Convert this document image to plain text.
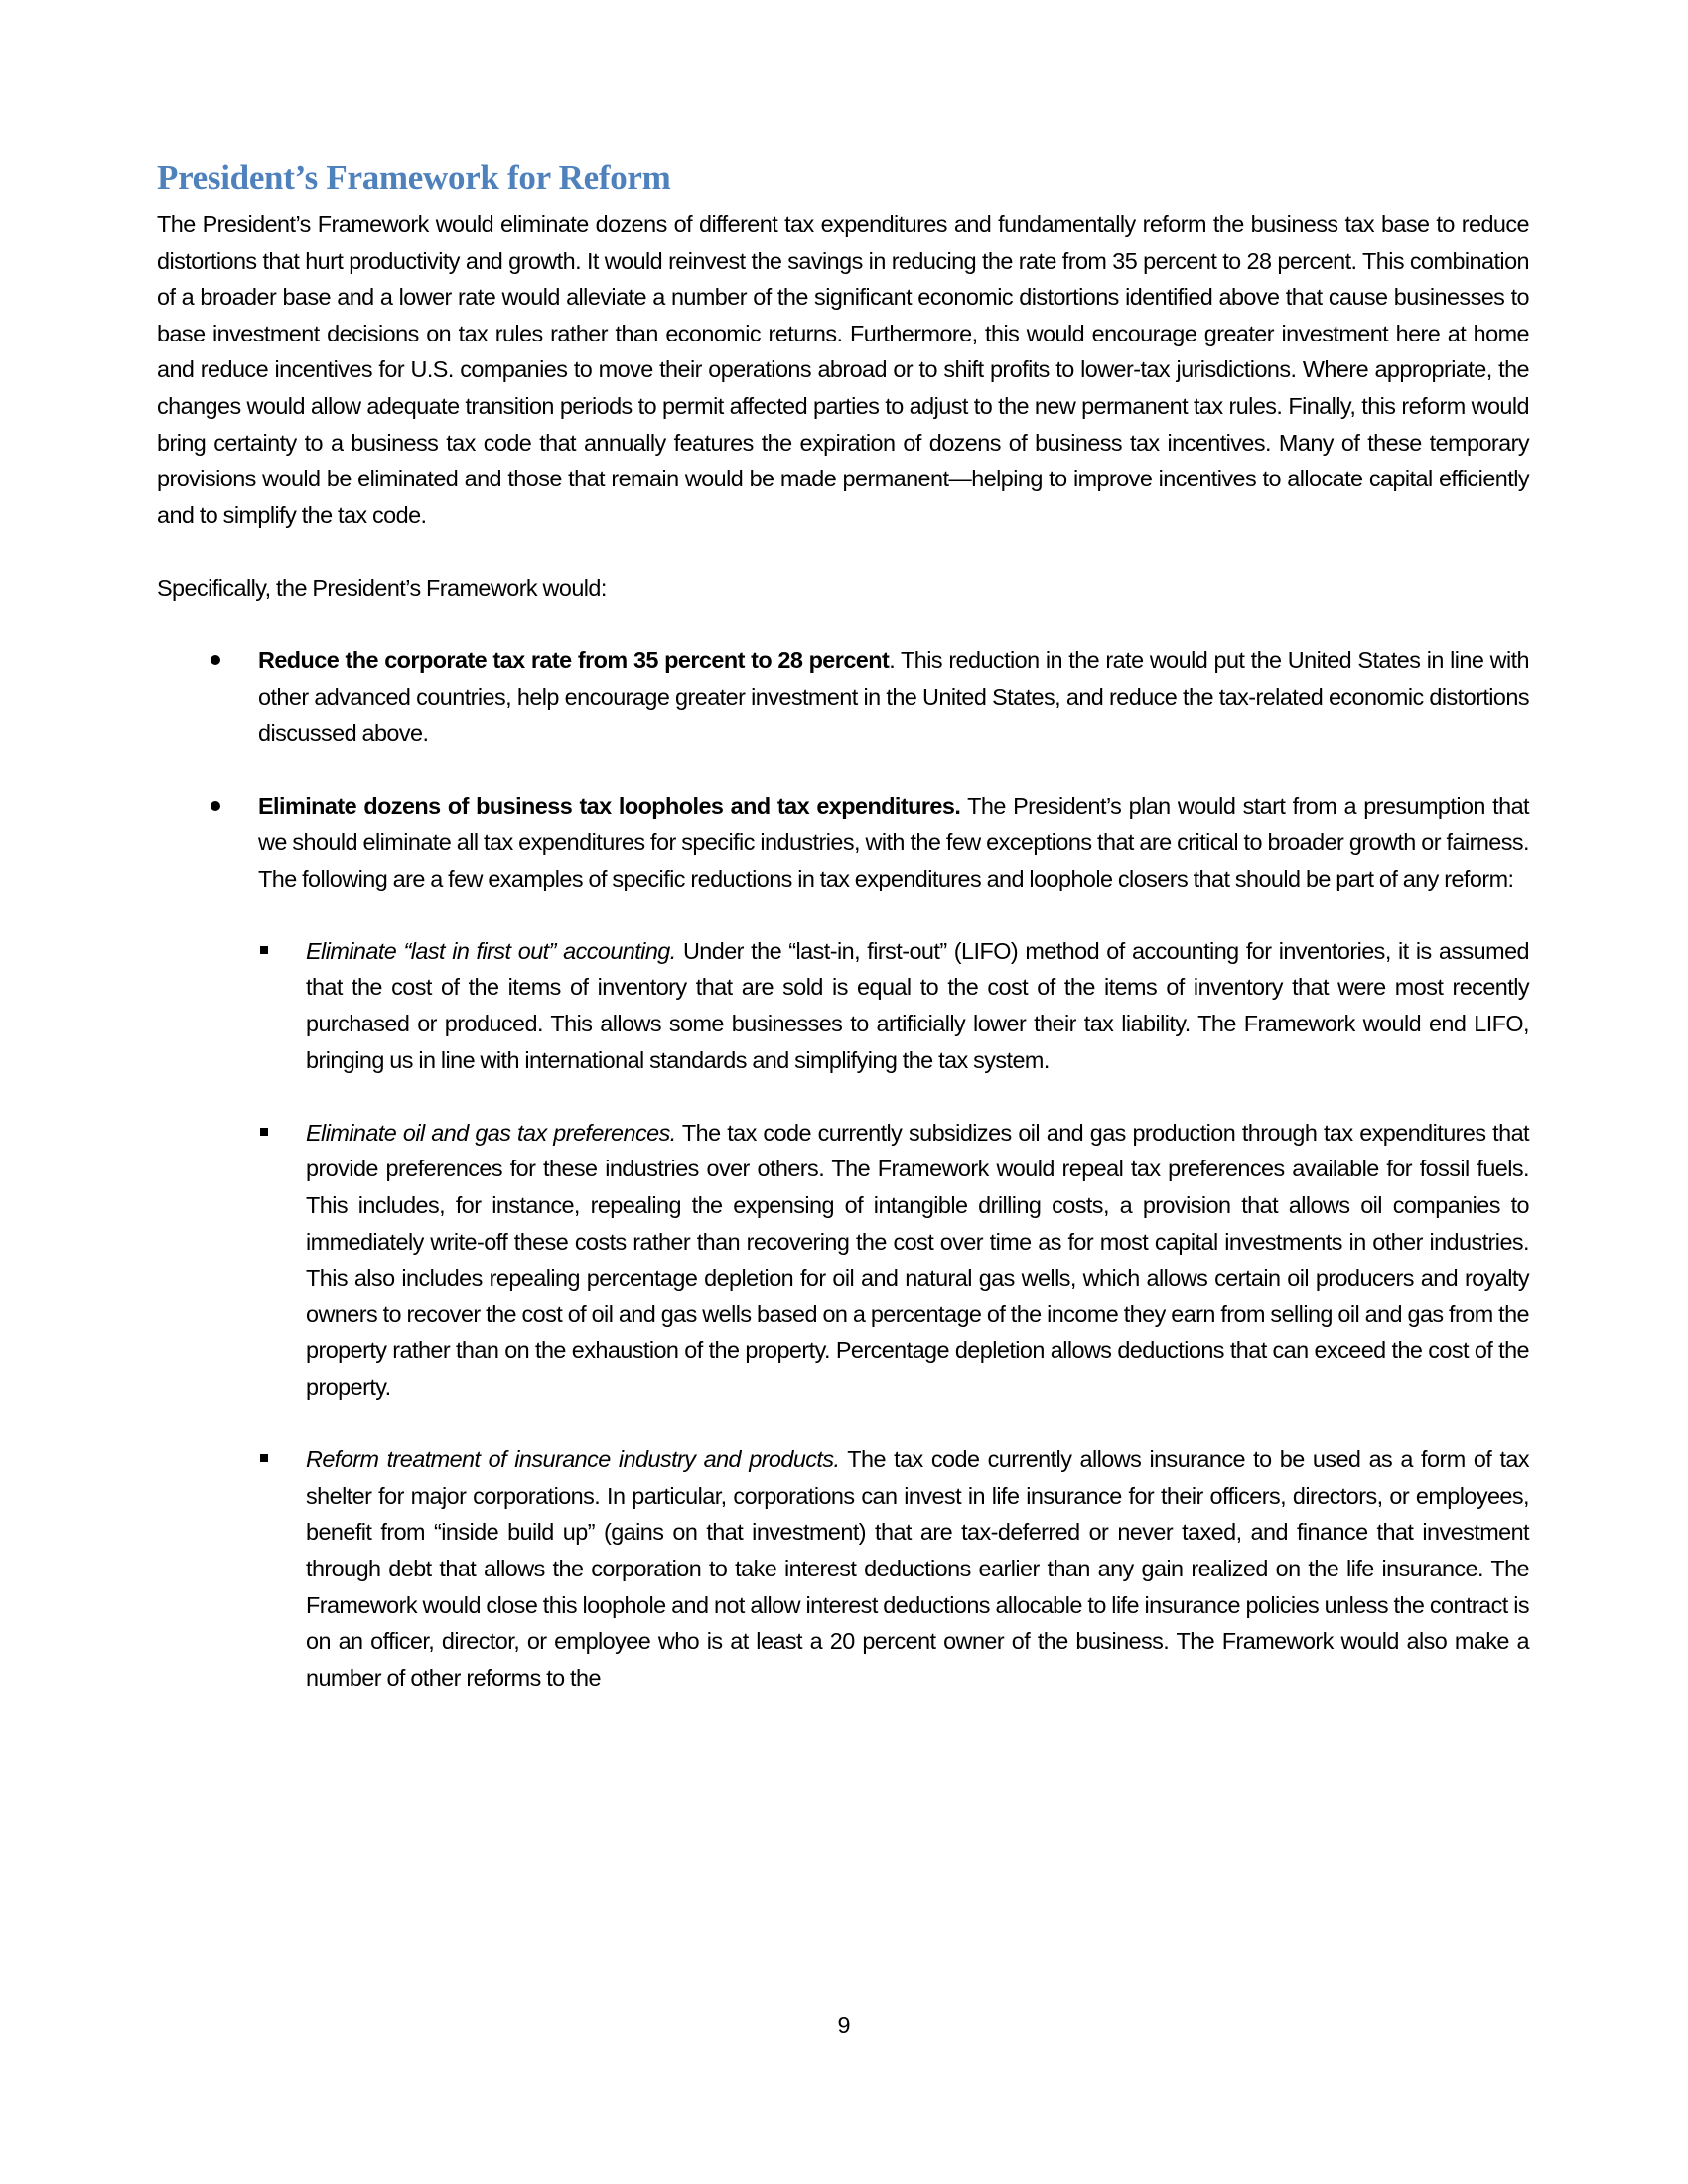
President’s Framework for Reform

The President’s Framework would eliminate dozens of different tax expenditures and fundamentally reform the business tax base to reduce distortions that hurt productivity and growth. It would reinvest the savings in reducing the rate from 35 percent to 28 percent. This combination of a broader base and a lower rate would alleviate a number of the significant economic distortions identified above that cause businesses to base investment decisions on tax rules rather than economic returns. Furthermore, this would encourage greater investment here at home and reduce incentives for U.S. companies to move their operations abroad or to shift profits to lower-tax jurisdictions. Where appropriate, the changes would allow adequate transition periods to permit affected parties to adjust to the new permanent tax rules. Finally, this reform would bring certainty to a business tax code that annually features the expiration of dozens of business tax incentives. Many of these temporary provisions would be eliminated and those that remain would be made permanent—helping to improve incentives to allocate capital efficiently and to simplify the tax code.

Specifically, the President’s Framework would:

Reduce the corporate tax rate from 35 percent to 28 percent. This reduction in the rate would put the United States in line with other advanced countries, help encourage greater investment in the United States, and reduce the tax-related economic distortions discussed above.

Eliminate dozens of business tax loopholes and tax expenditures. The President’s plan would start from a presumption that we should eliminate all tax expenditures for specific industries, with the few exceptions that are critical to broader growth or fairness. The following are a few examples of specific reductions in tax expenditures and loophole closers that should be part of any reform:

Eliminate “last in first out” accounting. Under the “last-in, first-out” (LIFO) method of accounting for inventories, it is assumed that the cost of the items of inventory that are sold is equal to the cost of the items of inventory that were most recently purchased or produced. This allows some businesses to artificially lower their tax liability. The Framework would end LIFO, bringing us in line with international standards and simplifying the tax system.

Eliminate oil and gas tax preferences. The tax code currently subsidizes oil and gas production through tax expenditures that provide preferences for these industries over others. The Framework would repeal tax preferences available for fossil fuels. This includes, for instance, repealing the expensing of intangible drilling costs, a provision that allows oil companies to immediately write-off these costs rather than recovering the cost over time as for most capital investments in other industries. This also includes repealing percentage depletion for oil and natural gas wells, which allows certain oil producers and royalty owners to recover the cost of oil and gas wells based on a percentage of the income they earn from selling oil and gas from the property rather than on the exhaustion of the property. Percentage depletion allows deductions that can exceed the cost of the property.

Reform treatment of insurance industry and products. The tax code currently allows insurance to be used as a form of tax shelter for major corporations. In particular, corporations can invest in life insurance for their officers, directors, or employees, benefit from “inside build up” (gains on that investment) that are tax-deferred or never taxed, and finance that investment through debt that allows the corporation to take interest deductions earlier than any gain realized on the life insurance. The Framework would close this loophole and not allow interest deductions allocable to life insurance policies unless the contract is on an officer, director, or employee who is at least a 20 percent owner of the business. The Framework would also make a number of other reforms to the

9
